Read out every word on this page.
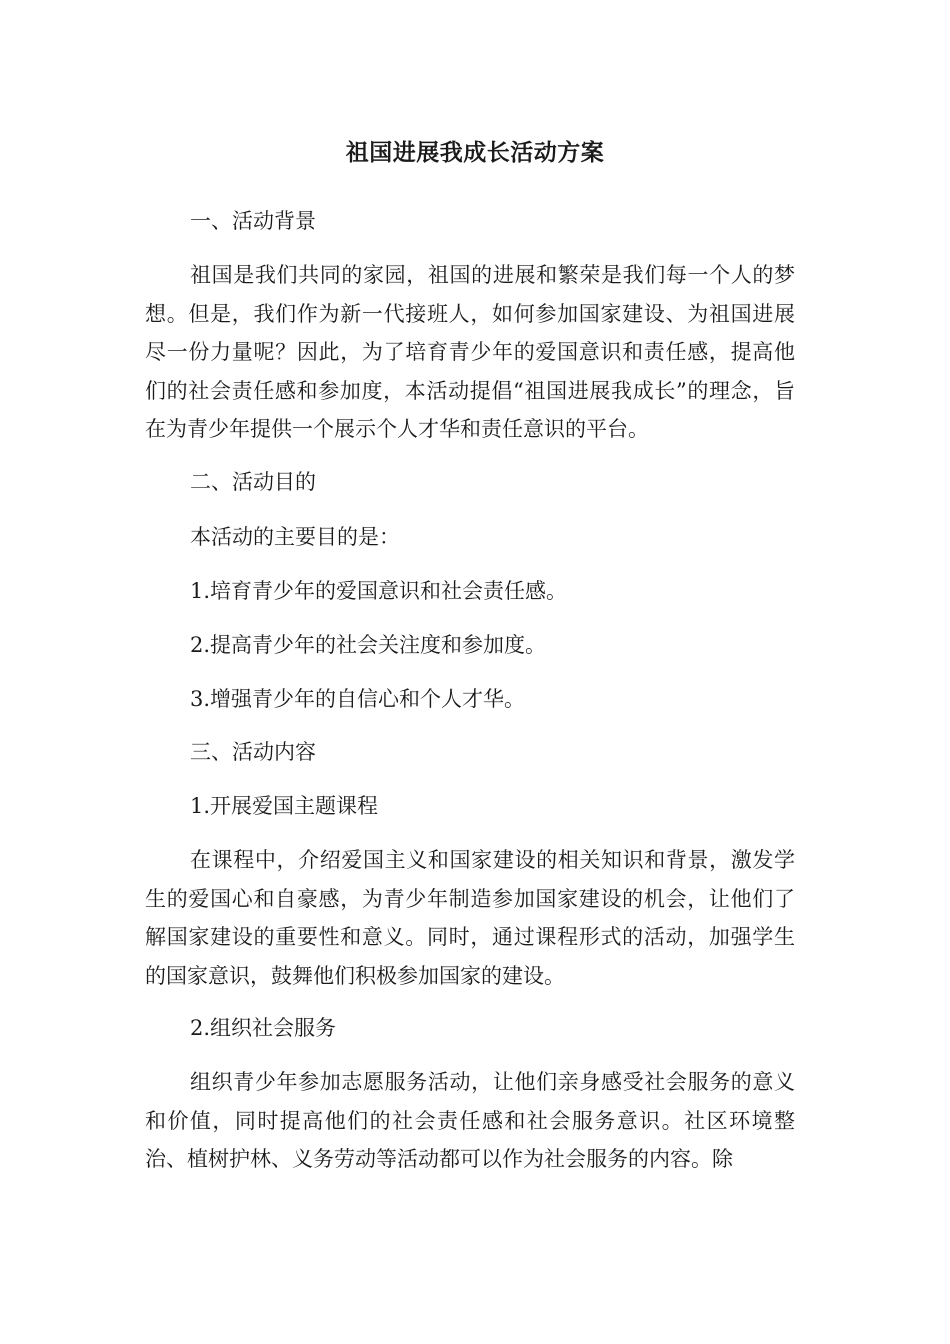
祖国进展我成长活动方案
一、活动背景
祖国是我们共同的家园，祖国的进展和繁荣是我们每一个人的梦想。但是，我们作为新一代接班人，如何参加国家建设、为祖国进展尽一份力量呢？因此，为了培育青少年的爱国意识和责任感，提高他们的社会责任感和参加度，本活动提倡“祖国进展我成长”的理念，旨在为青少年提供一个展示个人才华和责任意识的平台。
二、活动目的
本活动的主要目的是：
1.培育青少年的爱国意识和社会责任感。
2.提高青少年的社会关注度和参加度。
3.增强青少年的自信心和个人才华。
三、活动内容
1.开展爱国主题课程
在课程中，介绍爱国主义和国家建设的相关知识和背景，激发学生的爱国心和自豪感，为青少年制造参加国家建设的机会，让他们了解国家建设的重要性和意义。同时，通过课程形式的活动，加强学生的国家意识，鼓舞他们积极参加国家的建设。
2.组织社会服务
组织青少年参加志愿服务活动，让他们亲身感受社会服务的意义和价值，同时提高他们的社会责任感和社会服务意识。社区环境整治、植树护林、义务劳动等活动都可以作为社会服务的内容。除
